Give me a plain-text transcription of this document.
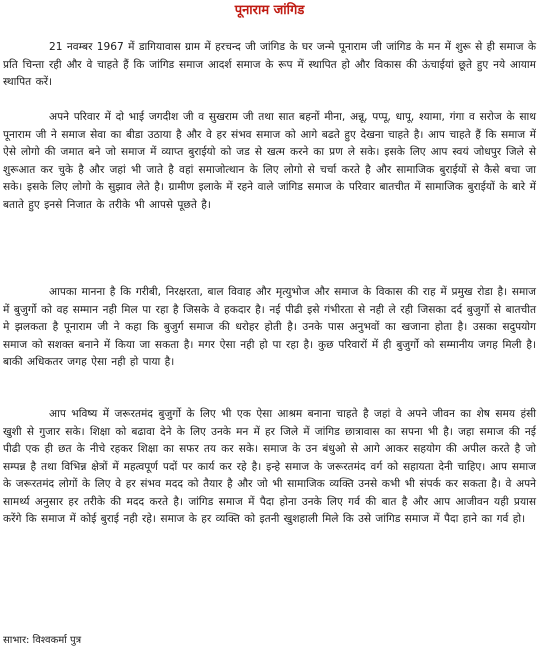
पूनाराम जांगिड

21 नवम्बर 1967 में डागियावास ग्राम में हरचन्द जी जांगिड के घर जन्मे पूनाराम जी जांगिड के मन में शुरू से ही समाज के प्रति चिन्ता रही और वे चाहते हैं कि जांगिड समाज आदर्श समाज के रूप में स्थापित हो और विकास की ऊंचाईयां छूते हुए नये आयाम स्थापित करें।

अपने परिवार में दो भाई जगदीश जी व सुखराम जी तथा सात बहनों मीना, अन्नू, पप्पू, धापू, श्यामा, गंगा व सरोज के साथ पूनाराम जी ने समाज सेवा का बीडा उठाया है और वे हर संभव समाज को आगे बढते हुए देखना चाहते है। आप चाहते हैं कि समाज में ऐसे लोगो की जमात बने जो समाज में व्याप्त बुराईयो को जड से खत्म करने का प्रण ले सके। इसके लिए आप स्वयं जोधपुर जिले से शुरूआत कर चुके है और जहां भी जाते है वहां समाजोत्थान के लिए लोगो से चर्चा करते है और सामाजिक बुराईयों से कैसे बचा जा सके। इसके लिए लोगो के सुझाव लेते है। ग्रामीण इलाके में रहने वाले जांगिड समाज के परिवार बातचीत में सामाजिक बुराईयों के बारे में बताते हुए इनसे निजात के तरीके भी आपसे पूछते है।

आपका मानना है कि गरीबी, निरक्षरता, बाल विवाह और मृत्युभोज और समाज के विकास की राह में प्रमुख रोडा है। समाज में बुजुर्गो को वह सम्मान नही मिल पा रहा है जिसके वे हकदार है। नई पीढी इसे गंभीरता से नही ले रही जिसका दर्द बुजुर्गो से बातचीत मे झलकता है पूनाराम जी ने कहा कि बुजुर्ग समाज की धरोहर होती है। उनके पास अनुभवों का खजाना होता है। उसका सदुपयोग समाज को सशक्त बनाने में किया जा सकता है। मगर ऐसा नही हो पा रहा है। कुछ परिवारों में ही बुजुर्गो को सम्मानीय जगह मिली है। बाकी अधिकतर जगह ऐसा नही हो पाया है।

आप भविष्य में जरूरतमंद बुजुर्गो के लिए भी एक ऐसा आश्रम बनाना चाहते है जहां वे अपने जीवन का शेष समय हंसी खुशी से गुजार सके। शिक्षा को बढावा देने के लिए उनके मन में हर जिले में जांगिड छात्रावास का सपना भी है। जहा समाज की नई पीढी एक ही छत के नीचे रहकर शिक्षा का सफर तय कर सके। समाज के उन बंधुओ से आगे आकर सहयोग की अपील करते है जो सम्पन्न है तथा विभिन्न क्षेत्रों में महत्वपूर्ण पदों पर कार्य कर रहे है। इन्हे समाज के जरूरतमंद वर्ग को सहायता देनी चाहिए। आप समाज के जरूरतमंद लोगों के लिए वे हर संभव मदद को तैयार है और जो भी सामाजिक व्यक्ति उनसे कभी भी संपर्क कर सकता है। वे अपने सामर्थ्य अनुसार हर तरीके की मदद करते है। जांगिड समाज में पैदा होना उनके लिए गर्व की बात है और आप आजीवन यही प्रयास करेंगे कि समाज में कोई बुराई नही रहे। समाज के हर व्यक्ति को इतनी खुशहाली मिले कि उसे जांगिड समाज में पैदा हाने का गर्व हो।

साभार: विश्वकर्मा पुत्र
